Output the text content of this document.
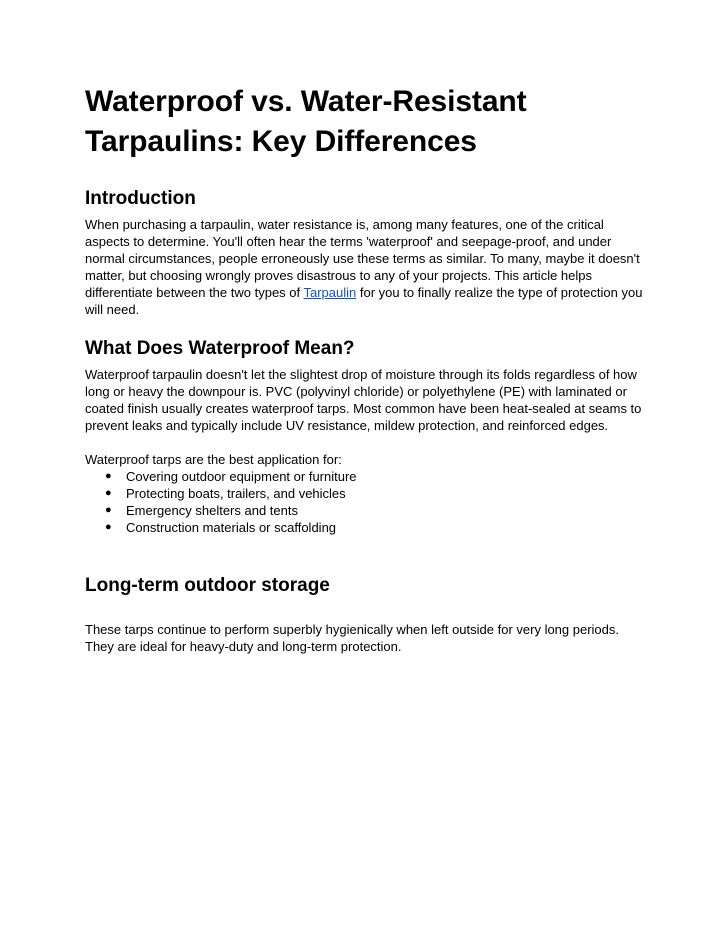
Waterproof vs. Water-Resistant Tarpaulins: Key Differences
Introduction

When purchasing a tarpaulin, water resistance is, among many features, one of the critical aspects to determine. You'll often hear the terms 'waterproof' and seepage-proof, and under normal circumstances, people erroneously use these terms as similar. To many, maybe it doesn't matter, but choosing wrongly proves disastrous to any of your projects. This article helps differentiate between the two types of Tarpaulin for you to finally realize the type of protection you will need.

What Does Waterproof Mean?

Waterproof tarpaulin doesn't let the slightest drop of moisture through its folds regardless of how long or heavy the downpour is. PVC (polyvinyl chloride) or polyethylene (PE) with laminated or coated finish usually creates waterproof tarps. Most common have been heat-sealed at seams to prevent leaks and typically include UV resistance, mildew protection, and reinforced edges.

Waterproof tarps are the best application for:

● Covering outdoor equipment or furniture
● Protecting boats, trailers, and vehicles
● Emergency shelters and tents
● Construction materials or scaffolding
Long-term outdoor storage

These tarps continue to perform superbly hygienically when left outside for very long periods. They are ideal for heavy-duty and long-term protection.
